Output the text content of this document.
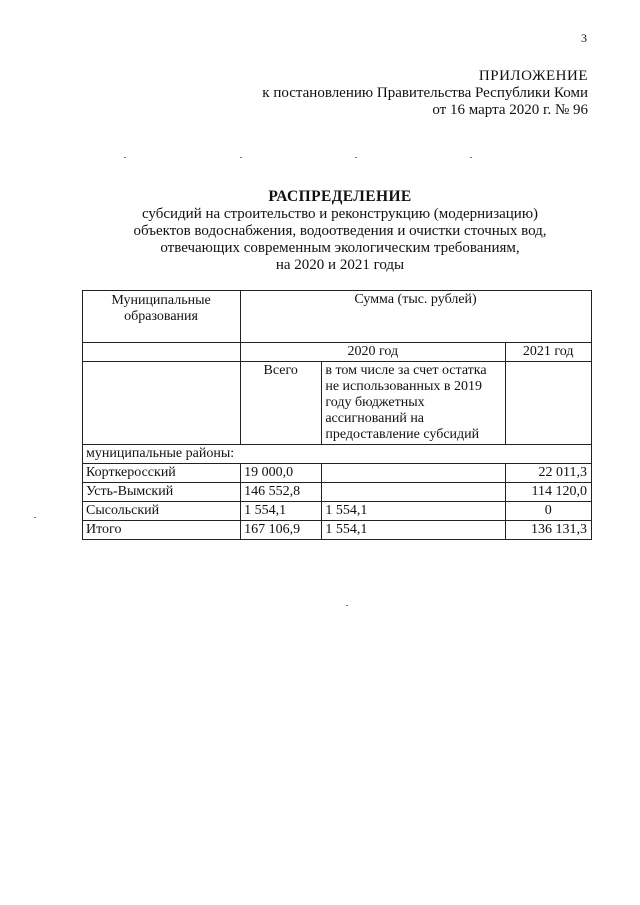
3
ПРИЛОЖЕНИЕ
к постановлению Правительства Республики Коми
от 16 марта 2020 г. № 96
РАСПРЕДЕЛЕНИЕ
субсидий на строительство и реконструкцию (модернизацию)
объектов водоснабжения, водоотведения и очистки сточных вод,
отвечающих современным экологическим требованиям,
на 2020 и 2021 годы
Муниципальные образования	Сумма (тыс. рублей)		
	2020 год		2021 год
	Всего	в том числе за счет остатка не использованных в 2019 году бюджетных ассигнований на предоставление субсидий	
муниципальные районы:			
Корткеросский	19 000,0		22 011,3
Усть-Вымский	146 552,8		114 120,0
Сысольский	1 554,1	1 554,1	0
Итого	167 106,9	1 554,1	136 131,3
